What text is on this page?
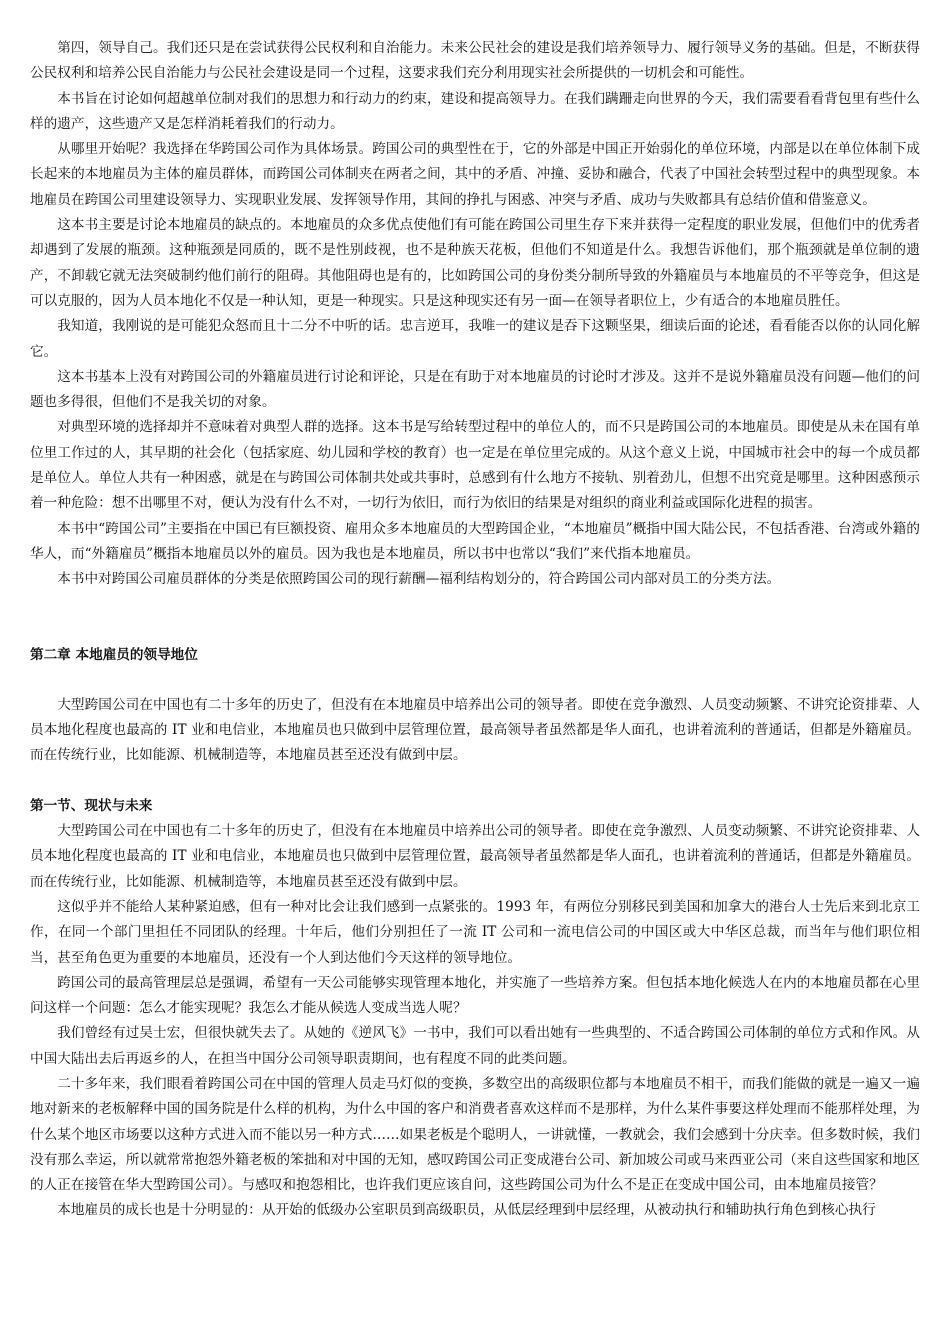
第四，领导自己。我们还只是在尝试获得公民权利和自治能力。未来公民社会的建设是我们培养领导力、履行领导义务的基础。但是，不断获得公民权利和培养公民自治能力与公民社会建设是同一个过程，这要求我们充分利用现实社会所提供的一切机会和可能性。

本书旨在讨论如何超越单位制对我们的思想力和行动力的约束，建设和提高领导力。在我们蹒跚走向世界的今天，我们需要看看背包里有些什么样的遗产，这些遗产又是怎样消耗着我们的行动力。

从哪里开始呢？我选择在华跨国公司作为具体场景。跨国公司的典型性在于，它的外部是中国正开始弱化的单位环境，内部是以在单位体制下成长起来的本地雇员为主体的雇员群体，而跨国公司体制夹在两者之间，其中的矛盾、冲撞、妥协和融合，代表了中国社会转型过程中的典型现象。本地雇员在跨国公司里建设领导力、实现职业发展、发挥领导作用，其间的挣扎与困惑、冲突与矛盾、成功与失败都具有总结价值和借鉴意义。

这本书主要是讨论本地雇员的缺点的。本地雇员的众多优点使他们有可能在跨国公司里生存下来并获得一定程度的职业发展，但他们中的优秀者却遇到了发展的瓶颈。这种瓶颈是同质的，既不是性别歧视，也不是种族天花板，但他们不知道是什么。我想告诉他们，那个瓶颈就是单位制的遗产，不卸载它就无法突破制约他们前行的阻碍。其他阻碍也是有的，比如跨国公司的身份类分制所导致的外籍雇员与本地雇员的不平等竞争，但这是可以克服的，因为人员本地化不仅是一种认知，更是一种现实。只是这种现实还有另一面—在领导者职位上，少有适合的本地雇员胜任。

我知道，我刚说的是可能犯众怒而且十二分不中听的话。忠言逆耳，我唯一的建议是吞下这颗坚果，细读后面的论述，看看能否以你的认同化解它。

这本书基本上没有对跨国公司的外籍雇员进行讨论和评论，只是在有助于对本地雇员的讨论时才涉及。这并不是说外籍雇员没有问题—他们的问题也多得很，但他们不是我关切的对象。

对典型环境的选择却并不意味着对典型人群的选择。这本书是写给转型过程中的单位人的，而不只是跨国公司的本地雇员。即使是从未在国有单位里工作过的人，其早期的社会化（包括家庭、幼儿园和学校的教育）也一定是在单位里完成的。从这个意义上说，中国城市社会中的每一个成员都是单位人。单位人共有一种困惑，就是在与跨国公司体制共处或共事时，总感到有什么地方不接轨、别着劲儿，但想不出究竟是哪里。这种困惑预示着一种危险：想不出哪里不对，便认为没有什么不对，一切行为依旧，而行为依旧的结果是对组织的商业利益或国际化进程的损害。

本书中“跨国公司”主要指在中国已有巨额投资、雇用众多本地雇员的大型跨国企业，“本地雇员”概指中国大陆公民，不包括香港、台湾或外籍的华人，而“外籍雇员”概指本地雇员以外的雇员。因为我也是本地雇员，所以书中也常以“我们”来代指本地雇员。

本书中对跨国公司雇员群体的分类是依照跨国公司的现行薪酬—福利结构划分的，符合跨国公司内部对员工的分类方法。

第二章 本地雇员的领导地位

大型跨国公司在中国也有二十多年的历史了，但没有在本地雇员中培养出公司的领导者。即使在竞争激烈、人员变动频繁、不讲究论资排辈、人员本地化程度也最高的 IT 业和电信业，本地雇员也只做到中层管理位置，最高领导者虽然都是华人面孔，也讲着流利的普通话，但都是外籍雇员。而在传统行业，比如能源、机械制造等，本地雇员甚至还没有做到中层。

第一节、现状与未来

大型跨国公司在中国也有二十多年的历史了，但没有在本地雇员中培养出公司的领导者。即使在竞争激烈、人员变动频繁、不讲究论资排辈、人员本地化程度也最高的 IT 业和电信业，本地雇员也只做到中层管理位置，最高领导者虽然都是华人面孔，也讲着流利的普通话，但都是外籍雇员。而在传统行业，比如能源、机械制造等，本地雇员甚至还没有做到中层。

这似乎并不能给人某种紧迫感，但有一种对比会让我们感到一点紧张的。1993 年，有两位分别移民到美国和加拿大的港台人士先后来到北京工作，在同一个部门里担任不同团队的经理。十年后，他们分别担任了一流 IT 公司和一流电信公司的中国区或大中华区总裁，而当年与他们职位相当，甚至角色更为重要的本地雇员，还没有一个人到达他们今天这样的领导地位。

跨国公司的最高管理层总是强调，希望有一天公司能够实现管理本地化，并实施了一些培养方案。但包括本地化候选人在内的本地雇员都在心里问这样一个问题：怎么才能实现呢？我怎么才能从候选人变成当选人呢？

我们曾经有过吴士宏，但很快就失去了。从她的《逆风飞》一书中，我们可以看出她有一些典型的、不适合跨国公司体制的单位方式和作风。从中国大陆出去后再返乡的人，在担当中国分公司领导职责期间，也有程度不同的此类问题。

二十多年来，我们眼看着跨国公司在中国的管理人员走马灯似的变换，多数空出的高级职位都与本地雇员不相干，而我们能做的就是一遍又一遍地对新来的老板解释中国的国务院是什么样的机构，为什么中国的客户和消费者喜欢这样而不是那样，为什么某件事要这样处理而不能那样处理，为什么某个地区市场要以这种方式进入而不能以另一种方式……如果老板是个聪明人，一讲就懂，一教就会，我们会感到十分庆幸。但多数时候，我们没有那么幸运，所以就常常抱怨外籍老板的笨拙和对中国的无知，感叹跨国公司正变成港台公司、新加坡公司或马来西亚公司（来自这些国家和地区的人正在接管在华大型跨国公司）。与感叹和抱怨相比，也许我们更应该自问，这些跨国公司为什么不是正在变成中国公司，由本地雇员接管？

本地雇员的成长也是十分明显的：从开始的低级办公室职员到高级职员，从低层经理到中层经理，从被动执行和辅助执行角色到核心执行
